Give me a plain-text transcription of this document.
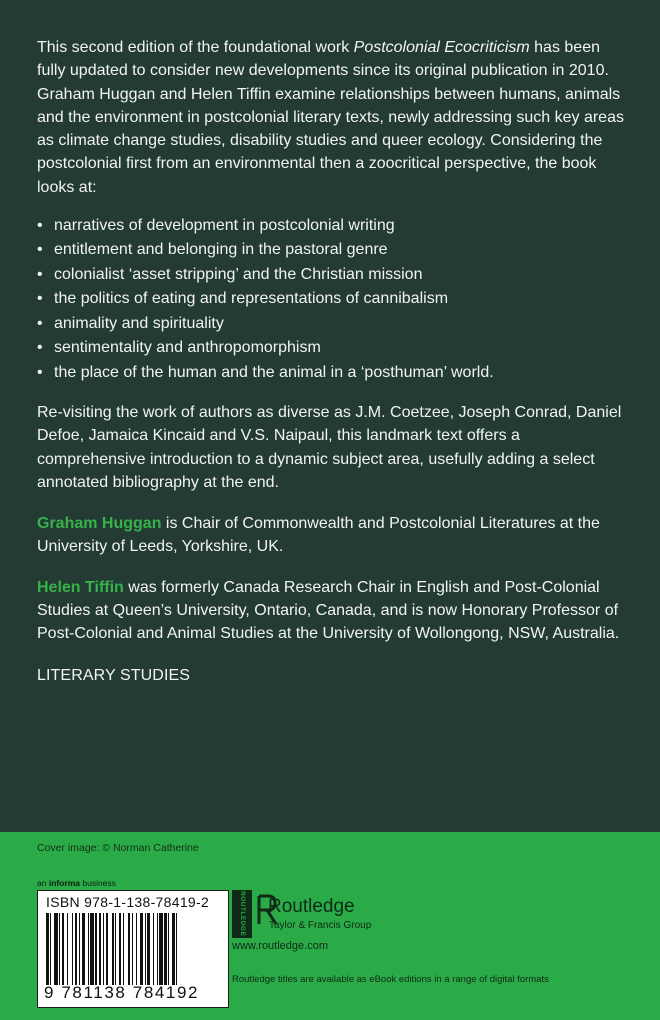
This second edition of the foundational work Postcolonial Ecocriticism has been fully updated to consider new developments since its original publication in 2010. Graham Huggan and Helen Tiffin examine relationships between humans, animals and the environment in postcolonial literary texts, newly addressing such key areas as climate change studies, disability studies and queer ecology. Considering the postcolonial first from an environmental then a zoocritical perspective, the book looks at:

• narratives of development in postcolonial writing
• entitlement and belonging in the pastoral genre
• colonialist ‘asset stripping’ and the Christian mission
• the politics of eating and representations of cannibalism
• animality and spirituality
• sentimentality and anthropomorphism
• the place of the human and the animal in a ‘posthuman’ world.

Re-visiting the work of authors as diverse as J.M. Coetzee, Joseph Conrad, Daniel Defoe, Jamaica Kincaid and V.S. Naipaul, this landmark text offers a comprehensive introduction to a dynamic subject area, usefully adding a select annotated bibliography at the end.

Graham Huggan is Chair of Commonwealth and Postcolonial Literatures at the University of Leeds, Yorkshire, UK.

Helen Tiffin was formerly Canada Research Chair in English and Post-Colonial Studies at Queen’s University, Ontario, Canada, and is now Honorary Professor of Post-Colonial and Animal Studies at the University of Wollongong, NSW, Australia.

LITERARY STUDIES

Cover image: © Norman Catherine
an informa business
ISBN 978-1-138-78419-2
9 781138 784192
ROUTLEDGE	Routledge
Taylor & Francis Group
www.routledge.com
Routledge titles are available as eBook editions in a range of digital formats
